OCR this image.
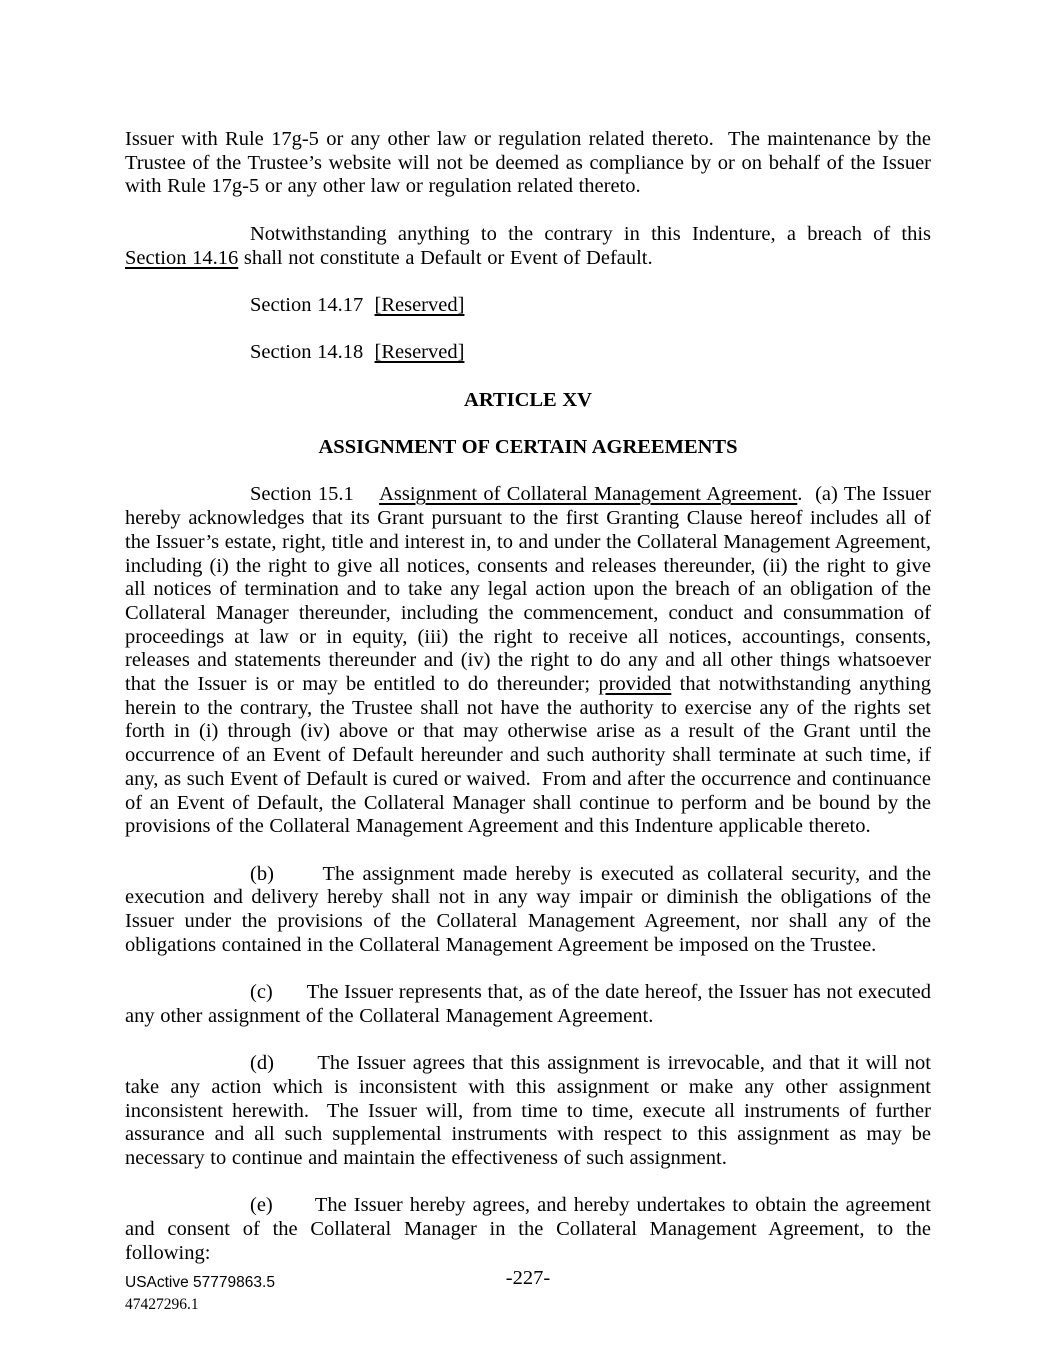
Issuer with Rule 17g-5 or any other law or regulation related thereto.  The maintenance by the Trustee of the Trustee’s website will not be deemed as compliance by or on behalf of the Issuer with Rule 17g-5 or any other law or regulation related thereto.

Notwithstanding anything to the contrary in this Indenture, a breach of this Section 14.16 shall not constitute a Default or Event of Default.

Section 14.17  [Reserved]

Section 14.18  [Reserved]

ARTICLE XV

ASSIGNMENT OF CERTAIN AGREEMENTS

Section 15.1    Assignment of Collateral Management Agreement.  (a) The Issuer hereby acknowledges that its Grant pursuant to the first Granting Clause hereof includes all of the Issuer’s estate, right, title and interest in, to and under the Collateral Management Agreement, including (i) the right to give all notices, consents and releases thereunder, (ii) the right to give all notices of termination and to take any legal action upon the breach of an obligation of the Collateral Manager thereunder, including the commencement, conduct and consummation of proceedings at law or in equity, (iii) the right to receive all notices, accountings, consents, releases and statements thereunder and (iv) the right to do any and all other things whatsoever that the Issuer is or may be entitled to do thereunder; provided that notwithstanding anything herein to the contrary, the Trustee shall not have the authority to exercise any of the rights set forth in (i) through (iv) above or that may otherwise arise as a result of the Grant until the occurrence of an Event of Default hereunder and such authority shall terminate at such time, if any, as such Event of Default is cured or waived.  From and after the occurrence and continuance of an Event of Default, the Collateral Manager shall continue to perform and be bound by the provisions of the Collateral Management Agreement and this Indenture applicable thereto.

(b)      The assignment made hereby is executed as collateral security, and the execution and delivery hereby shall not in any way impair or diminish the obligations of the Issuer under the provisions of the Collateral Management Agreement, nor shall any of the obligations contained in the Collateral Management Agreement be imposed on the Trustee.

(c)      The Issuer represents that, as of the date hereof, the Issuer has not executed any other assignment of the Collateral Management Agreement.

(d)      The Issuer agrees that this assignment is irrevocable, and that it will not take any action which is inconsistent with this assignment or make any other assignment inconsistent herewith.  The Issuer will, from time to time, execute all instruments of further assurance and all such supplemental instruments with respect to this assignment as may be necessary to continue and maintain the effectiveness of such assignment.

(e)      The Issuer hereby agrees, and hereby undertakes to obtain the agreement and consent of the Collateral Manager in the Collateral Management Agreement, to the following:

USActive 57779863.5	-227-
47427296.1
